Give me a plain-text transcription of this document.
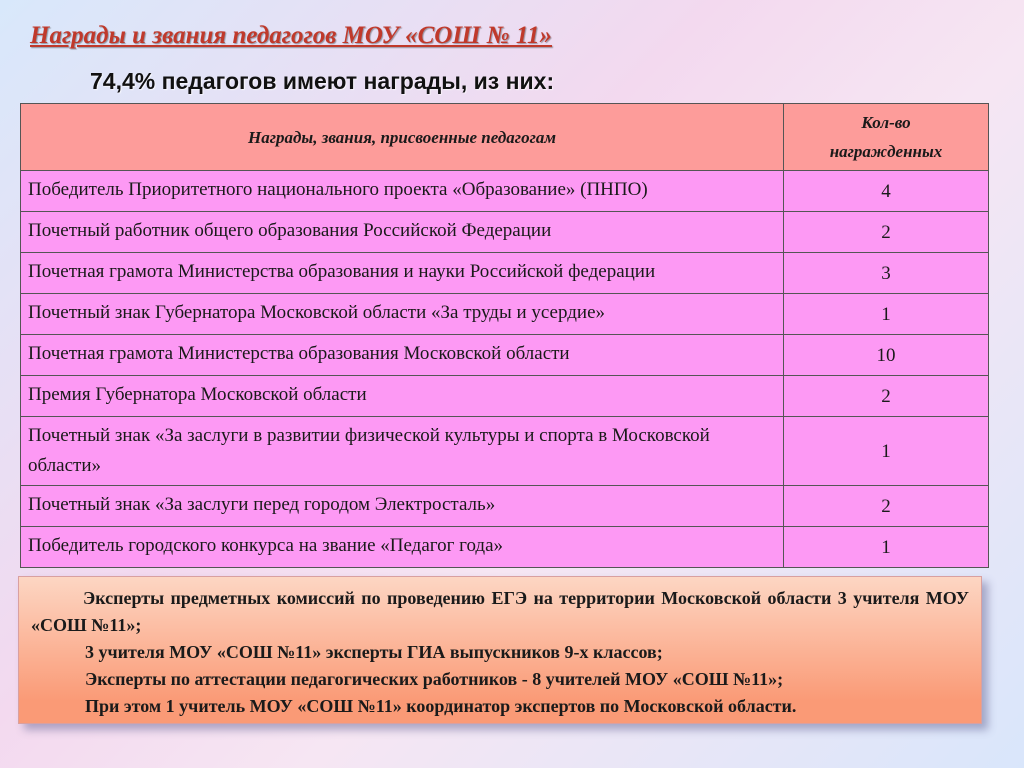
Награды и звания педагогов МОУ «СОШ № 11»
74,4% педагогов имеют награды, из них:
Награды, звания, присвоенные педагогам	Кол-во
награжденных
Победитель Приоритетного национального проекта «Образование» (ПНПО)	4
Почетный работник общего образования Российской Федерации	2
Почетная грамота Министерства образования и науки Российской федерации	3
Почетный знак Губернатора Московской области «За труды и усердие»	1
Почетная грамота Министерства образования Московской области	10
Премия Губернатора Московской области	2
Почетный знак «За заслуги в развитии физической культуры и спорта в Московской области»	1
Почетный знак «За заслуги перед городом Электросталь»	2
Победитель городского конкурса на звание «Педагог года»	1

Эксперты предметных комиссий по проведению ЕГЭ на территории Московской области 3 учителя МОУ «СОШ №11»;

3 учителя МОУ «СОШ №11» эксперты ГИА выпускников 9-х классов;

Эксперты по аттестации педагогических работников - 8 учителей МОУ «СОШ №11»;

При этом 1 учитель МОУ «СОШ №11» координатор экспертов по Московской области.
